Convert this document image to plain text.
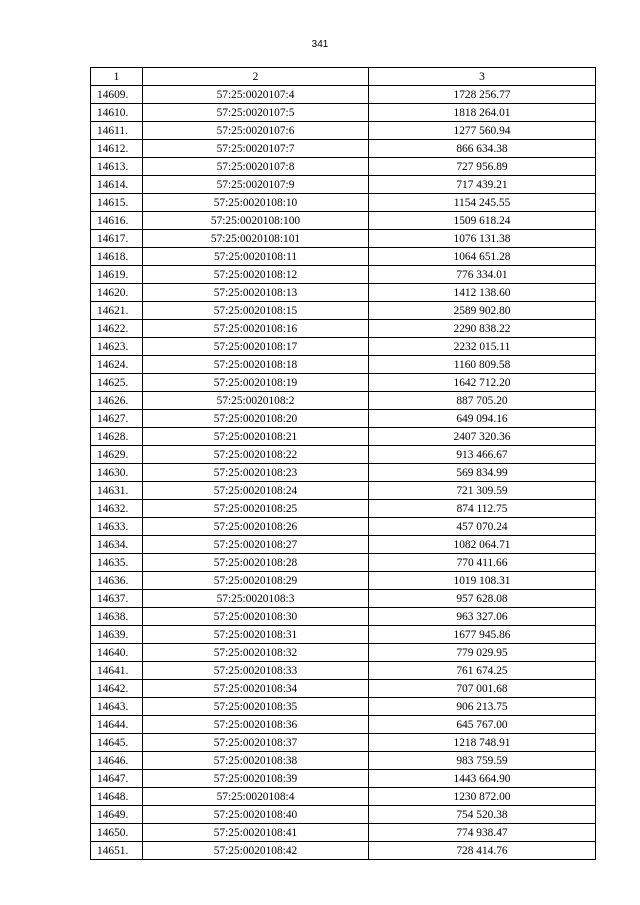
341
1	2	3
14609.	57:25:0020107:4	1728 256.77
14610.	57:25:0020107:5	1818 264.01
14611.	57:25:0020107:6	1277 560.94
14612.	57:25:0020107:7	866 634.38
14613.	57:25:0020107:8	727 956.89
14614.	57:25:0020107:9	717 439.21
14615.	57:25:0020108:10	1154 245.55
14616.	57:25:0020108:100	1509 618.24
14617.	57:25:0020108:101	1076 131.38
14618.	57:25:0020108:11	1064 651.28
14619.	57:25:0020108:12	776 334.01
14620.	57:25:0020108:13	1412 138.60
14621.	57:25:0020108:15	2589 902.80
14622.	57:25:0020108:16	2290 838.22
14623.	57:25:0020108:17	2232 015.11
14624.	57:25:0020108:18	1160 809.58
14625.	57:25:0020108:19	1642 712.20
14626.	57:25:0020108:2	887 705.20
14627.	57:25:0020108:20	649 094.16
14628.	57:25:0020108:21	2407 320.36
14629.	57:25:0020108:22	913 466.67
14630.	57:25:0020108:23	569 834.99
14631.	57:25:0020108:24	721 309.59
14632.	57:25:0020108:25	874 112.75
14633.	57:25:0020108:26	457 070.24
14634.	57:25:0020108:27	1082 064.71
14635.	57:25:0020108:28	770 411.66
14636.	57:25:0020108:29	1019 108.31
14637.	57:25:0020108:3	957 628.08
14638.	57:25:0020108:30	963 327.06
14639.	57:25:0020108:31	1677 945.86
14640.	57:25:0020108:32	779 029.95
14641.	57:25:0020108:33	761 674.25
14642.	57:25:0020108:34	707 001.68
14643.	57:25:0020108:35	906 213.75
14644.	57:25:0020108:36	645 767.00
14645.	57:25:0020108:37	1218 748.91
14646.	57:25:0020108:38	983 759.59
14647.	57:25:0020108:39	1443 664.90
14648.	57:25:0020108:4	1230 872.00
14649.	57:25:0020108:40	754 520.38
14650.	57:25:0020108:41	774 938.47
14651.	57:25:0020108:42	728 414.76
